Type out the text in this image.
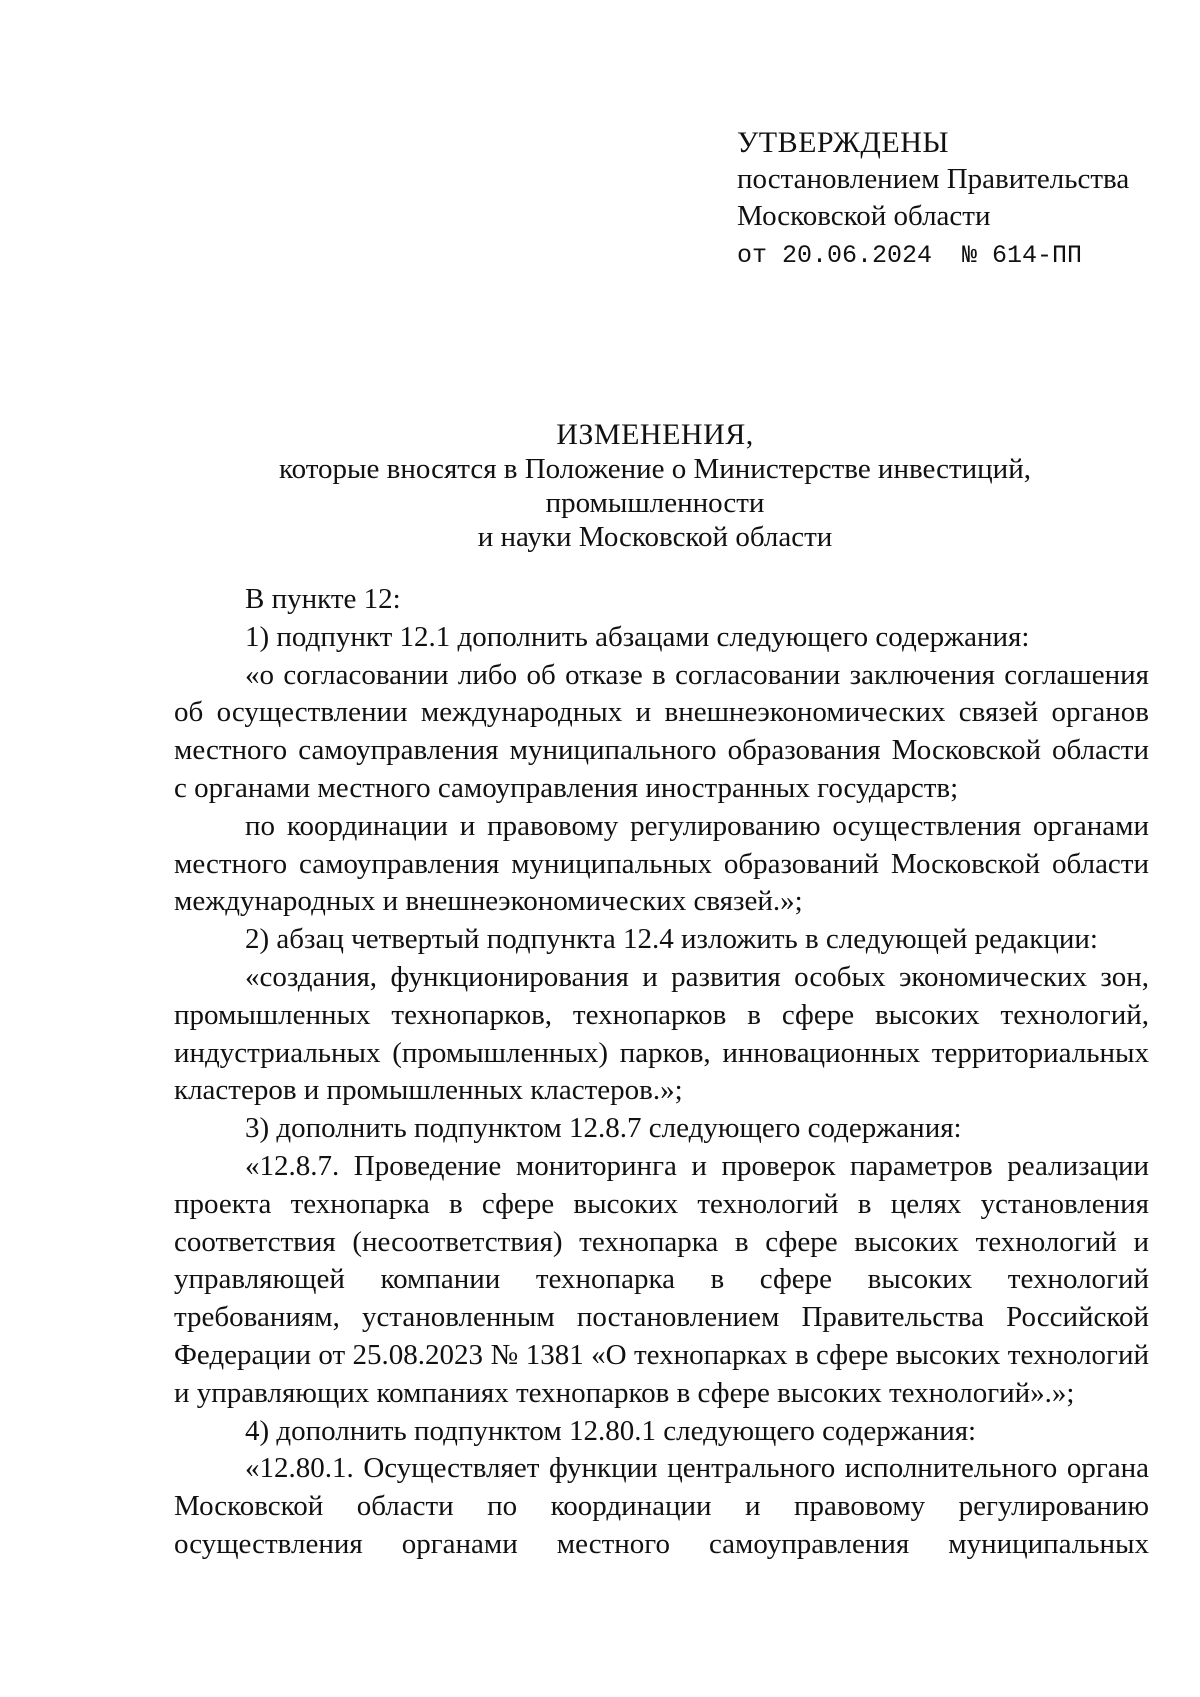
УТВЕРЖДЕНЫ
постановлением Правительства
Московской области
от 20.06.2024  № 614-ПП
ИЗМЕНЕНИЯ,
которые вносятся в Положение о Министерстве инвестиций, промышленности
и науки Московской области

В пункте 12:

1) подпункт 12.1 дополнить абзацами следующего содержания:

«о согласовании либо об отказе в согласовании заключения соглашения об осуществлении международных и внешнеэкономических связей органов местного самоуправления муниципального образования Московской области с органами местного самоуправления иностранных государств;

по координации и правовому регулированию осуществления органами местного самоуправления муниципальных образований Московской области международных и внешнеэкономических связей.»;

2) абзац четвертый подпункта 12.4 изложить в следующей редакции:

«создания, функционирования и развития особых экономических зон, промышленных технопарков, технопарков в сфере высоких технологий, индустриальных (промышленных) парков, инновационных территориальных кластеров и промышленных кластеров.»;

3) дополнить подпунктом 12.8.7 следующего содержания:

«12.8.7. Проведение мониторинга и проверок параметров реализации проекта технопарка в сфере высоких технологий в целях установления соответствия (несоответствия) технопарка в сфере высоких технологий и управляющей компании технопарка в сфере высоких технологий требованиям, установленным постановлением Правительства Российской Федерации от 25.08.2023 № 1381 «О технопарках в сфере высоких технологий и управляющих компаниях технопарков в сфере высоких технологий».»;

4) дополнить подпунктом 12.80.1 следующего содержания:

«12.80.1. Осуществляет функции центрального исполнительного органа Московской области по координации и правовому регулированию осуществления органами местного самоуправления муниципальных
